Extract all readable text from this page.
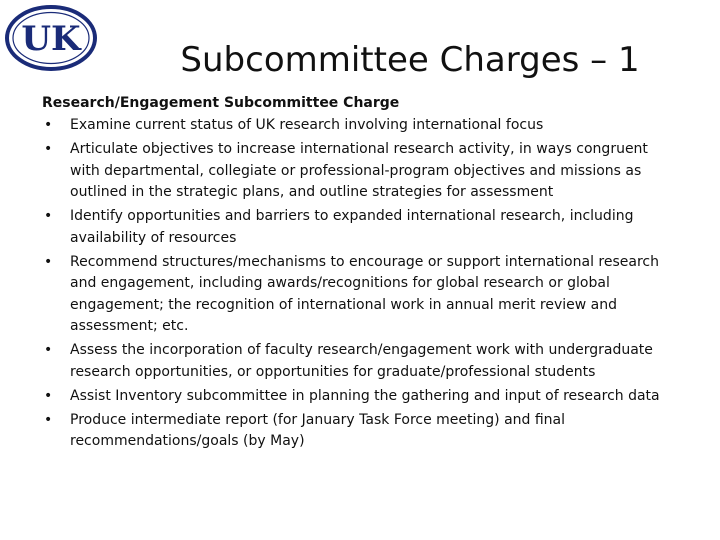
UK
Subcommittee Charges – 1
Research/Engagement Subcommittee Charge
• Examine current status of UK research involving international focus
• Articulate objectives to increase international research activity, in ways congruent with departmental, collegiate or professional-program objectives and missions as outlined in the strategic plans, and outline strategies for assessment
• Identify opportunities and barriers to expanded international research, including availability of resources
• Recommend structures/mechanisms to encourage or support international research and engagement, including awards/recognitions for global research or global engagement; the recognition of international work in annual merit review and assessment; etc.
• Assess the incorporation of faculty research/engagement work with undergraduate research opportunities, or opportunities for graduate/professional students
• Assist Inventory subcommittee in planning the gathering and input of research data
• Produce intermediate report (for January Task Force meeting) and final recommendations/goals (by May)
